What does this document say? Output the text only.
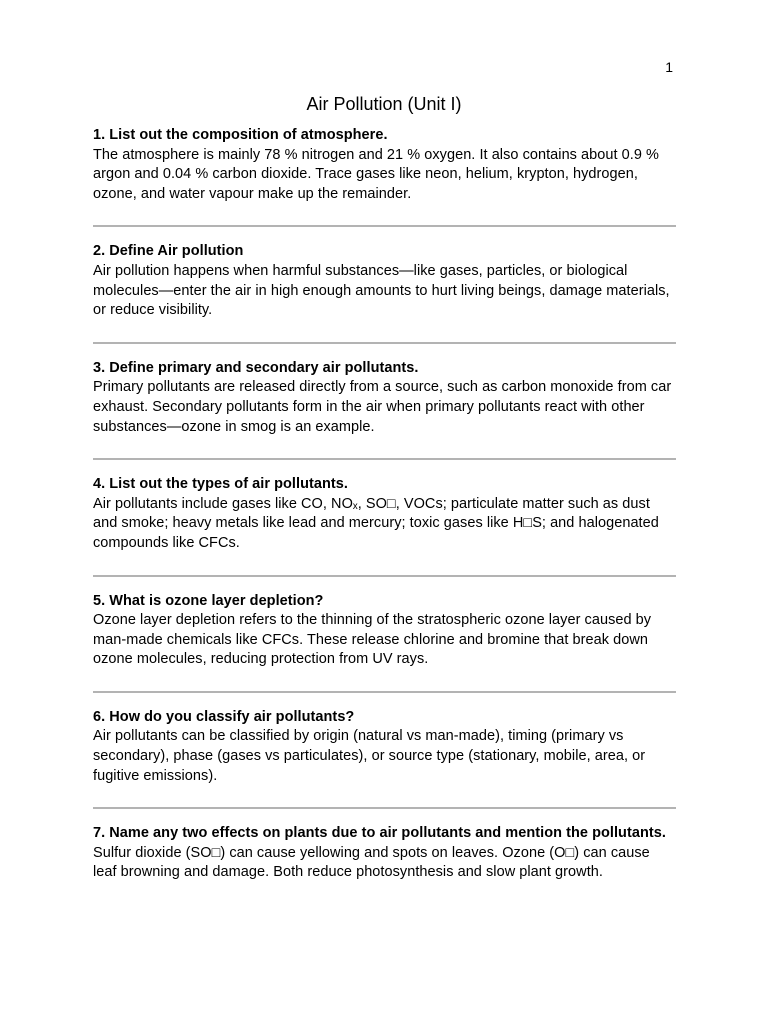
1
Air Pollution (Unit I)

1. List out the composition of atmosphere.

The atmosphere is mainly 78 % nitrogen and 21 % oxygen. It also contains about 0.9 % argon and 0.04 % carbon dioxide. Trace gases like neon, helium, krypton, hydrogen, ozone, and water vapour make up the remainder.

2. Define Air pollution

Air pollution happens when harmful substances—like gases, particles, or biological molecules—enter the air in high enough amounts to hurt living beings, damage materials, or reduce visibility.

3. Define primary and secondary air pollutants.

Primary pollutants are released directly from a source, such as carbon monoxide from car exhaust. Secondary pollutants form in the air when primary pollutants react with other substances—ozone in smog is an example.

4. List out the types of air pollutants.

Air pollutants include gases like CO, NOₓ, SO□, VOCs; particulate matter such as dust and smoke; heavy metals like lead and mercury; toxic gases like H□S; and halogenated compounds like CFCs.

5. What is ozone layer depletion?

Ozone layer depletion refers to the thinning of the stratospheric ozone layer caused by man-made chemicals like CFCs. These release chlorine and bromine that break down ozone molecules, reducing protection from UV rays.

6. How do you classify air pollutants?

Air pollutants can be classified by origin (natural vs man-made), timing (primary vs secondary), phase (gases vs particulates), or source type (stationary, mobile, area, or fugitive emissions).

7. Name any two effects on plants due to air pollutants and mention the pollutants.

Sulfur dioxide (SO□) can cause yellowing and spots on leaves. Ozone (O□) can cause leaf browning and damage. Both reduce photosynthesis and slow plant growth.
